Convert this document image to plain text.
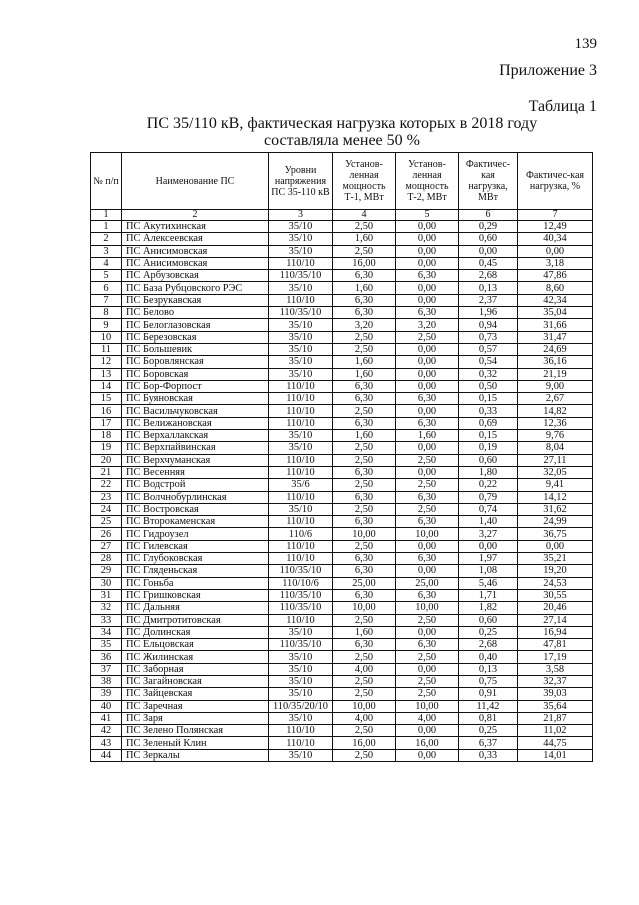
139
Приложение 3
Таблица 1
ПС 35/110 кВ, фактическая нагрузка которых в 2018 году составляла менее 50 %
№ п/п	Наименование ПС	Уровни напряжения ПС 35-110 кВ	Установ-ленная мощность Т-1, МВт	Установ-ленная мощность Т-2, МВт	Фактичес-кая нагрузка, МВт	Фактичес-кая нагрузка, %
1	2	3	4	5	6	7
1	ПС Акутихинская	35/10	2,50	0,00	0,29	12,49
2	ПС Алексеевская	35/10	1,60	0,00	0,60	40,34
3	ПС Анисимовская	35/10	2,50	0,00	0,00	0,00
4	ПС Анисимовская	110/10	16,00	0,00	0,45	3,18
5	ПС Арбузовская	110/35/10	6,30	6,30	2,68	47,86
6	ПС База Рубцовского РЭС	35/10	1,60	0,00	0,13	8,60
7	ПС Безрукавская	110/10	6,30	0,00	2,37	42,34
8	ПС Белово	110/35/10	6,30	6,30	1,96	35,04
9	ПС Белоглазовская	35/10	3,20	3,20	0,94	31,66
10	ПС Березовская	35/10	2,50	2,50	0,73	31,47
11	ПС Большевик	35/10	2,50	0,00	0,57	24,69
12	ПС Боровлянская	35/10	1,60	0,00	0,54	36,16
13	ПС Боровская	35/10	1,60	0,00	0,32	21,19
14	ПС Бор-Форпост	110/10	6,30	0,00	0,50	9,00
15	ПС Буяновская	110/10	6,30	6,30	0,15	2,67
16	ПС Васильчуковская	110/10	2,50	0,00	0,33	14,82
17	ПС Велижановская	110/10	6,30	6,30	0,69	12,36
18	ПС Верхаллакская	35/10	1,60	1,60	0,15	9,76
19	ПС Верхпайвинская	35/10	2,50	0,00	0,19	8,04
20	ПС Верхчуманская	110/10	2,50	2,50	0,60	27,11
21	ПС Весенняя	110/10	6,30	0,00	1,80	32,05
22	ПС Водстрой	35/6	2,50	2,50	0,22	9,41
23	ПС Волчнобурлинская	110/10	6,30	6,30	0,79	14,12
24	ПС Востровская	35/10	2,50	2,50	0,74	31,62
25	ПС Второкаменская	110/10	6,30	6,30	1,40	24,99
26	ПС Гидроузел	110/6	10,00	10,00	3,27	36,75
27	ПС Гилевская	110/10	2,50	0,00	0,00	0,00
28	ПС Глубоковская	110/10	6,30	6,30	1,97	35,21
29	ПС Гляденьская	110/35/10	6,30	0,00	1,08	19,20
30	ПС Гоньба	110/10/6	25,00	25,00	5,46	24,53
31	ПС Гришковская	110/35/10	6,30	6,30	1,71	30,55
32	ПС Дальняя	110/35/10	10,00	10,00	1,82	20,46
33	ПС Дмитротитовская	110/10	2,50	2,50	0,60	27,14
34	ПС Долинская	35/10	1,60	0,00	0,25	16,94
35	ПС Ельцовская	110/35/10	6,30	6,30	2,68	47,81
36	ПС Жилинская	35/10	2,50	2,50	0,40	17,19
37	ПС Заборная	35/10	4,00	0,00	0,13	3,58
38	ПС Загайновская	35/10	2,50	2,50	0,75	32,37
39	ПС Зайцевская	35/10	2,50	2,50	0,91	39,03
40	ПС Заречная	110/35/20/10	10,00	10,00	11,42	35,64
41	ПС Заря	35/10	4,00	4,00	0,81	21,87
42	ПС Зелено Полянская	110/10	2,50	0,00	0,25	11,02
43	ПС Зеленый Клин	110/10	16,00	16,00	6,37	44,75
44	ПС Зеркалы	35/10	2,50	0,00	0,33	14,01
